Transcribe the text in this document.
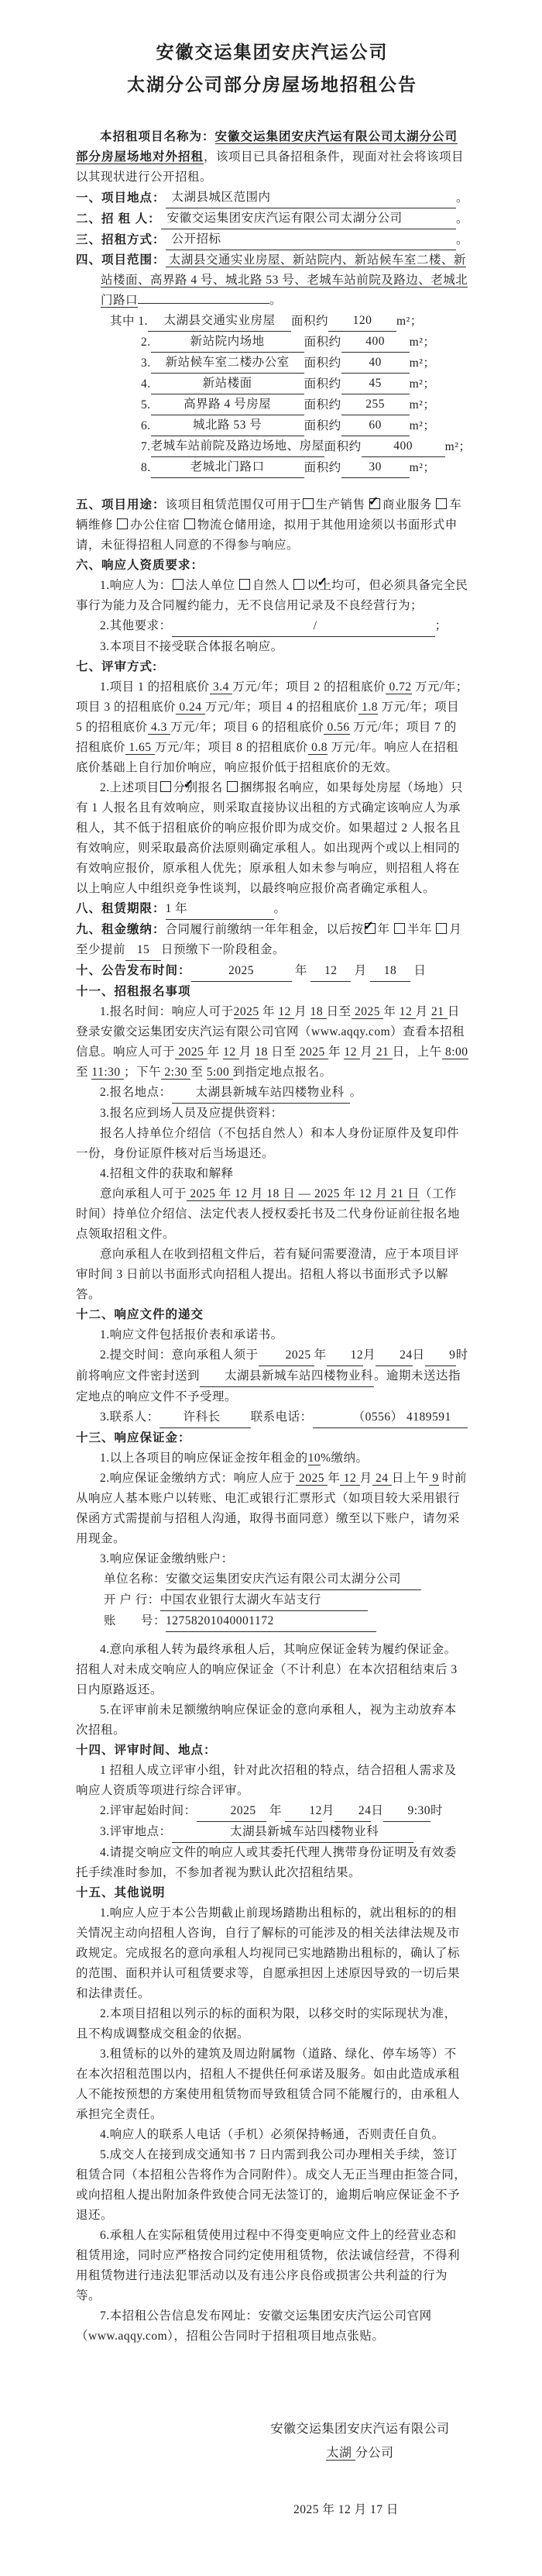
安徽交运集团安庆汽运公司
太湖分公司部分房屋场地招租公告

本招租项目名称为：安徽交运集团安庆汽运有限公司太湖分公司部分房屋场地对外招租，该项目已具备招租条件，现面对社会将该项目以其现状进行公开招租。

一、项目地点： 太湖县城区范围内	。

二、招 租 人： 安徽交运集团安庆汽运有限公司太湖分公司	。

三、招租方式： 公开招标	。

四、项目范围： 太湖县交通实业房屋、新站院内、新站候车室二楼、新站楼面、高界路 4 号、城北路 53 号、老城车站前院及路边、老城北门路口	。

其中 1.	太湖县交通实业房屋	面积约	120	m²；

2.	新站院内场地	面积约	400	m²；

3.	新站候车室二楼办公室	面积约	40	m²；

4.	新站楼面	面积约	45	m²；

5.	高界路 4 号房屋	面积约	255	m²；

6.	城北路 53 号	面积约	60	m²；

7. 老城车站前院及路边场地、房屋 面积约	400	m²；

8.	老城北门路口	面积约	30	m²；

五、项目用途：该项目租赁范围仅可用于 生产销售 ✓商业服务 车辆维修 办公住宿 物流仓储用途，拟用于其他用途须以书面形式申请，未征得招租人同意的不得参与响应。

六、响应人资质要求：

1.响应人为： 法人单位 自然人 ✓以上均可，但必须具备完全民事行为能力及合同履约能力，无不良信用记录及不良经营行为；

2.其他要求：	/	；

3.本项目不接受联合体报名响应。

七、评审方式:

1.项目 1 的招租底价 3.4 万元/年；项目 2 的招租底价 0.72 万元/年；项目 3 的招租底价 0.24 万元/年；项目 4 的招租底价 1.8 万元/年；项目 5 的招租底价 4.3 万元/年；项目 6 的招租底价 0.56 万元/年；项目 7 的招租底价 1.65 万元/年；项目 8 的招租底价 0.8 万元/年。响应人在招租底价基础上自行加价响应，响应报价低于招租底价的无效。

2.上述项目 ✓ 分别报名 捆绑报名响应，如果每处房屋（场地）只有 1 人报名且有效响应，则采取直接协议出租的方式确定该响应人为承租人，其不低于招租底价的响应报价即为成交价。如果超过 2 人报名且有效响应，则采取最高价法原则确定承租人。如出现两个或以上相同的有效响应报价，原承租人优先；原承租人如未参与响应，则招租人将在以上响应人中组织竞争性谈判，以最终响应报价高者确定承租人。

八、租赁期限：1 年	。

九、租金缴纳：合同履行前缴纳一年年租金，以后按 ✓ 年 半年 月至少提前15日预缴下一阶段租金。

十、公告发布时间：	2025	年 12 月 18 日

十一、招租报名事项

1.报名时间：响应人可于2025 年 12 月 18 日至 2025 年 12 月 21 日登录安徽交运集团安庆汽运有限公司官网（www.aqqy.com）查看本招租信息。响应人可于 2025 年 12 月 18 日至 2025 年 12 月 21 日，上午 8:00 至 11:30 ；下午 2:30 至 5:00 到指定地点报名。

2.报名地点：太湖县新城车站四楼物业科 。

3.报名应到场人员及应提供资料：

报名人持单位介绍信（不包括自然人）和本人身份证原件及复印件一份，身份证原件核对后当场退还。

4.招租文件的获取和解释

意向承租人可于 2025 年 12 月 18 日 — 2025 年 12 月 21 日（工作时间）持单位介绍信、法定代表人授权委托书及二代身份证前往报名地点领取招租文件。

意向承租人在收到招租文件后，若有疑问需要澄清，应于本项目评审时间 3 日前以书面形式向招租人提出。招租人将以书面形式予以解答。

十二、响应文件的递交

1.响应文件包括报价表和承诺书。

2.提交时间：意向承租人须于2025年12月24日9时前将响应文件密封送到太湖县新城车站四楼物业科。逾期未送达指定地点的响应文件不予受理。

3.联系人：许科长	联系电话：	（0556） 4189591

十三、响应保证金：

1.以上各项目的响应保证金按年租金的10%缴纳。

2.响应保证金缴纳方式：响应人应于 2025 年 12 月 24 日上午 9 时前从响应人基本账户以转账、电汇或银行汇票形式（如项目较大采用银行保函方式需提前与招租人沟通，取得书面同意）缴至以下账户，请勿采用现金。

3.响应保证金缴纳账户：

单位名称：安徽交运集团安庆汽运有限公司太湖分公司

开 户 行：中国农业银行太湖火车站支行

账　　号：12758201040001172

4.意向承租人转为最终承租人后，其响应保证金转为履约保证金。招租人对未成交响应人的响应保证金（不计利息）在本次招租结束后 3 日内原路返还。

5.在评审前未足额缴纳响应保证金的意向承租人，视为主动放弃本次招租。

十四、评审时间、地点：

1 招租人成立评审小组，针对此次招租的特点，结合招租人需求及响应人资质等项进行综合评审。

2.评审起始时间：	2025 年 12月24日9:30时

3.评审地点：	太湖县新城车站四楼物业科

4.请提交响应文件的响应人或其委托代理人携带身份证明及有效委托手续准时参加，不参加者视为默认此次招租结果。

十五、其他说明

1.响应人应于本公告期截止前现场踏勘出租标的，就出租标的的相关情况主动向招租人咨询，自行了解标的可能涉及的相关法律法规及市政规定。完成报名的意向承租人均视同已实地踏勘出租标的，确认了标的范围、面积并认可租赁要求等，自愿承担因上述原因导致的一切后果和法律责任。

2.本项目招租以列示的标的面积为限，以移交时的实际现状为准，且不构成调整成交租金的依据。

3.租赁标的以外的建筑及周边附属物（道路、绿化、停车场等）不在本次招租范围以内，招租人不提供任何承诺及服务。如由此造成承租人不能按预想的方案使用租赁物而导致租赁合同不能履行的，由承租人承担完全责任。

4.响应人的联系人电话（手机）必须保持畅通，否则责任自负。

5.成交人在接到成交通知书 7 日内需到我公司办理相关手续，签订租赁合同（本招租公告将作为合同附件）。成交人无正当理由拒签合同，或向招租人提出附加条件致使合同无法签订的，逾期后响应保证金不予退还。

6.承租人在实际租赁使用过程中不得变更响应文件上的经营业态和租赁用途，同时应严格按合同约定使用租赁物，依法诚信经营，不得利用租赁物进行违法犯罪活动以及有违公序良俗或损害公共利益的行为等。

7.本招租公告信息发布网址：安徽交运集团安庆汽运公司官网（www.aqqy.com），招租公告同时于招租项目地点张贴。

安徽交运集团安庆汽运有限公司
太湖 分公司
2025 年 12 月 17 日
